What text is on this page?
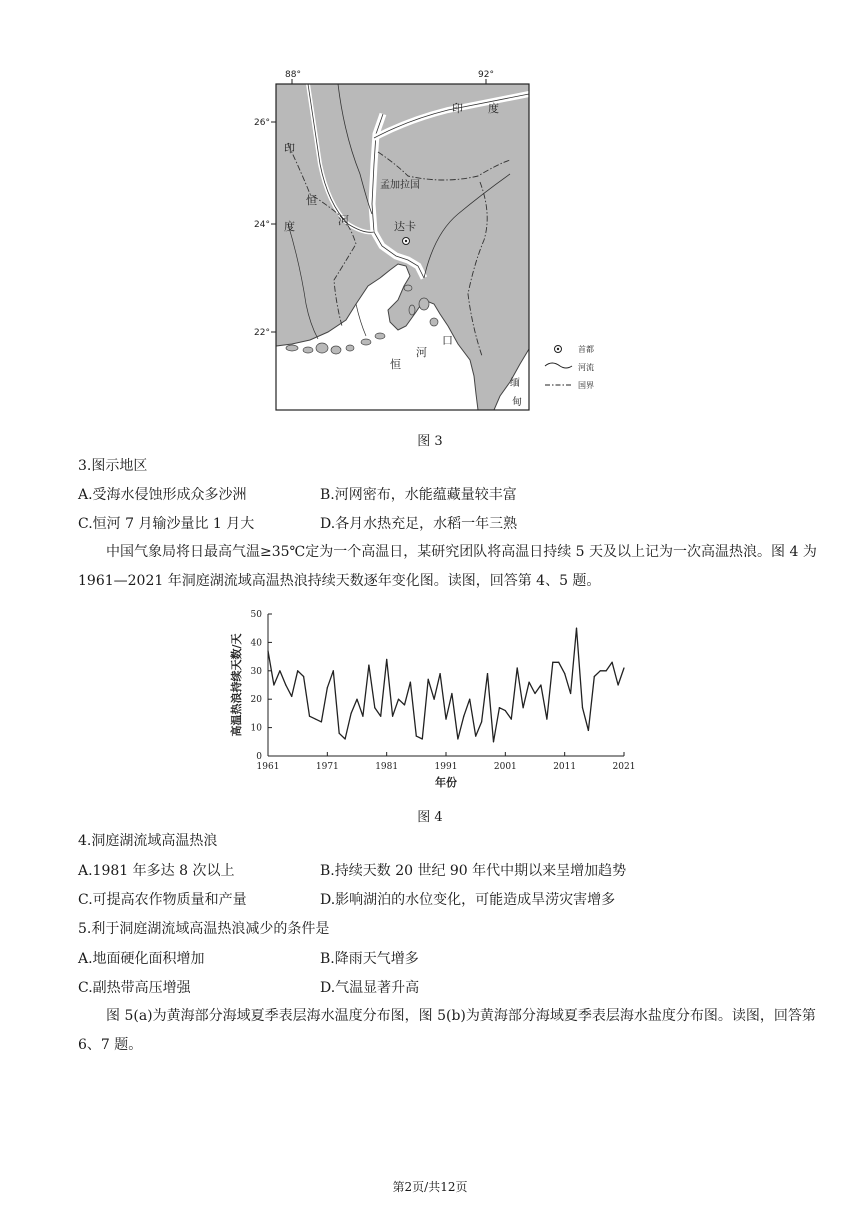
88°	92°
26°
24°
22°
印 度
印
度
孟加拉国
恒
河	达卡
恒
河
口
缅
甸
首都
河流
国界
图 3
3.图示地区
A.受海水侵蚀形成众多沙洲	B.河网密布，水能蕴藏量较丰富
C.恒河 7 月输沙量比 1 月大	D.各月水热充足，水稻一年三熟
中国气象局将日最高气温≥35℃定为一个高温日，某研究团队将高温日持续 5 天及以上记为一次高温热浪。图 4 为 1961—2021 年洞庭湖流域高温热浪持续天数逐年变化图。读图，回答第 4、5 题。
0
10
20
30
40
50
1961	1971	1981	1991	2001	2011	2021
年份
高温热浪持续天数/天
图 4
4.洞庭湖流域高温热浪
A.1981 年多达 8 次以上	B.持续天数 20 世纪 90 年代中期以来呈增加趋势
C.可提高农作物质量和产量	D.影响湖泊的水位变化，可能造成旱涝灾害增多
5.利于洞庭湖流域高温热浪减少的条件是
A.地面硬化面积增加	B.降雨天气增多
C.副热带高压增强	D.气温显著升高
图 5(a)为黄海部分海域夏季表层海水温度分布图，图 5(b)为黄海部分海域夏季表层海水盐度分布图。读图，回答第 6、7 题。
第2页/共12页
